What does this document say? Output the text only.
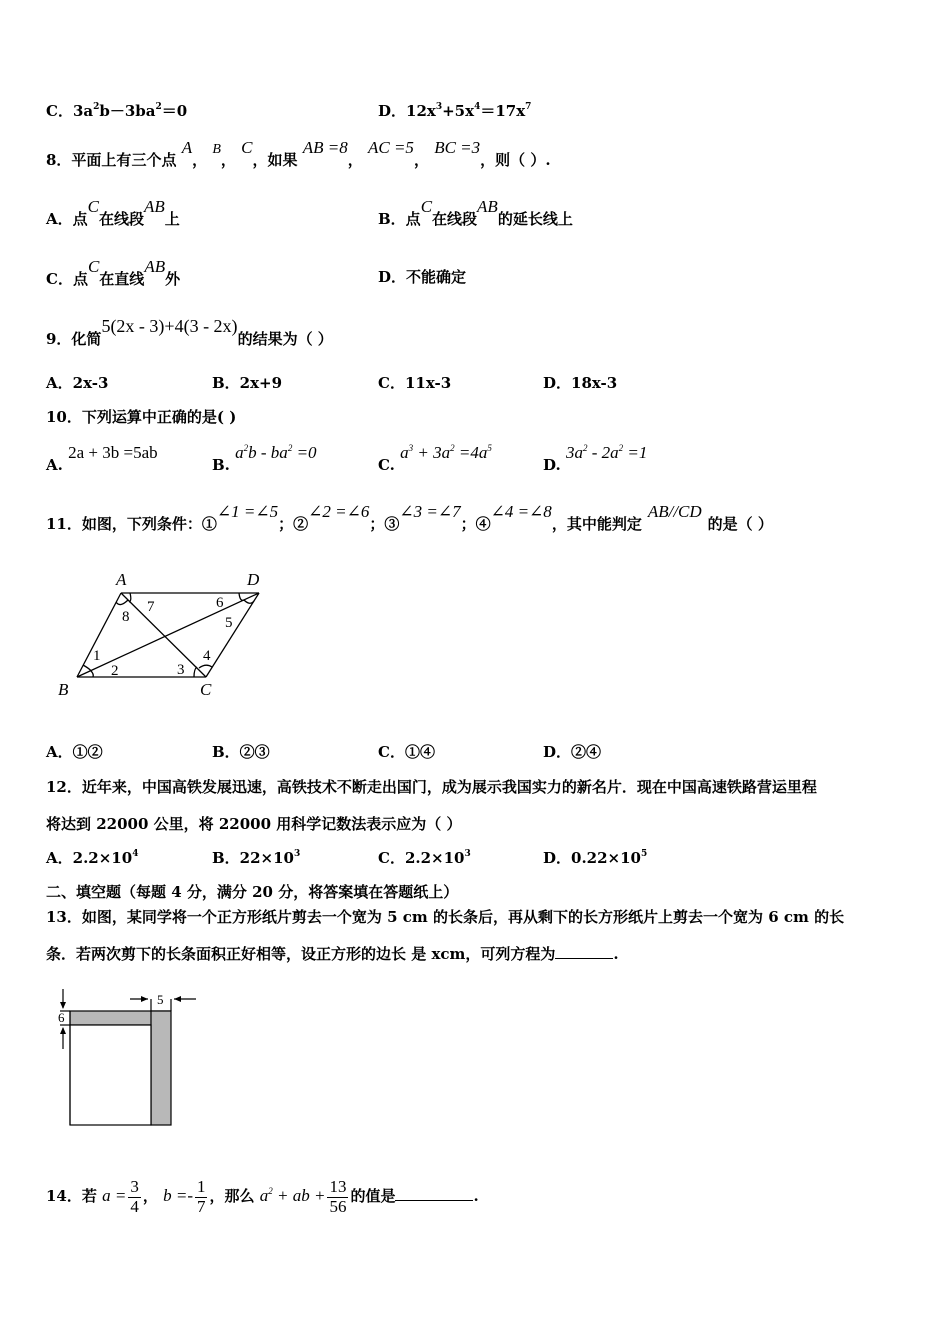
C．$3a^2b-3ba^2=0$	D．$12x^3+5x^4=17x^7$
8．平面上有三个点 A， B， C，如果 AB =8， AC =5， BC =3，则（ ）.
A．点C在线段AB上	B．点C在线段AB的延长线上
C．点C在直线AB外	D．不能确定
9．化简5(2x - 3)+4(3 - 2x)的结果为（ ）
A．2x-3	B．2x+9	C．11x-3	D．18x-3
10．下列运算中正确的是( )
A. 2a + 3b =5ab
B. $a^2b - ba^2 =0$
C. $a^3 + 3a^2 =4a^5$
D. $3a^2 - 2a^2 =1$
11．如图，下列条件：①∠1 =∠5；②∠2 =∠6；③∠3 =∠7；④∠4 =∠8，其中能判定AB//CD的是（ ）
A	D
B	C
7
8
6
5
1
2	3
4
A．①②	B．②③	C．①④	D．②④
12．近年来，中国高铁发展迅速，高铁技术不断走出国门，成为展示我国实力的新名片．现在中国高速铁路营运里程
将达到 22000 公里，将 22000 用科学记数法表示应为（ ）
A．$2.2\times 10^4$	B．$22\times 10^3$	C．$2.2\times 10^3$	D．$0.22\times 10^5$
二、填空题（每题 4 分，满分 20 分，将答案填在答题纸上）
13．如图，某同学将一个正方形纸片剪去一个宽为 5 cm 的长条后，再从剩下的长方形纸片上剪去一个宽为 6 cm 的长
条．若两次剪下的长条面积正好相等，设正方形的边长 是 xcm，可列方程为	.
5
6
14．若 $a = \frac{3}{4}$ ， $b =- \frac{1}{7}$ ，那么 $a^2$ + ab + $\frac{13}{56}$ 的值是	.
